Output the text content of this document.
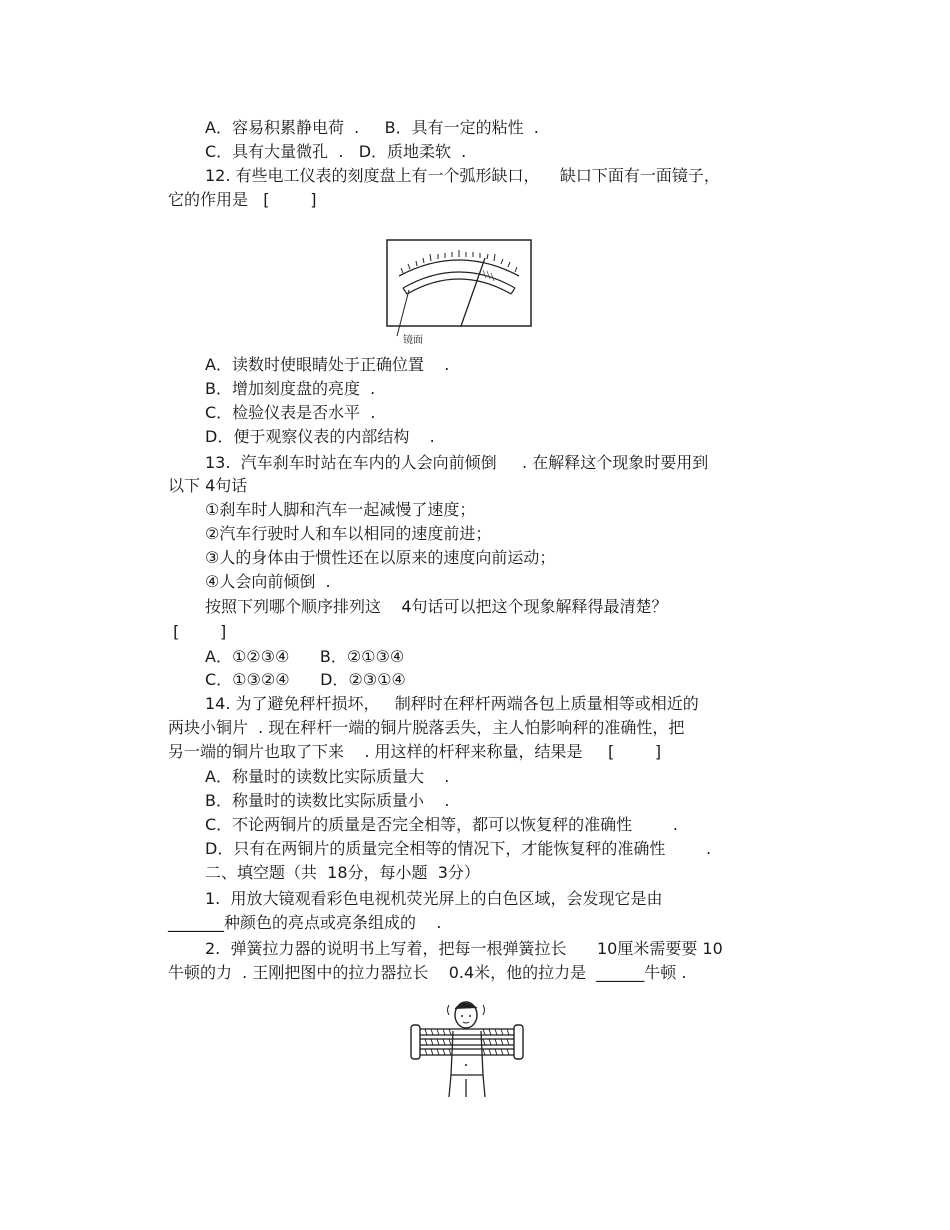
A．容易积累静电荷  .     B．具有一定的粘性  .
C．具有大量微孔  .   D．质地柔软  .
12. 有些电工仪表的刻度盘上有一个弧形缺口，    缺口下面有一面镜子，
它的作用是   [        ]
镜面
A．读数时使眼睛处于正确位置    .
B．增加刻度盘的亮度  .
C．检验仪表是否水平  .
D．便于观察仪表的内部结构    .
13.  汽车刹车时站在车内的人会向前倾倒     . 在解释这个现象时要用到
以下 4句话
①刹车时人脚和汽车一起减慢了速度；
②汽车行驶时人和车以相同的速度前进；
③人的身体由于惯性还在以原来的速度向前运动；
④人会向前倾倒  .
按照下列哪个顺序排列这    4句话可以把这个现象解释得最清楚？
[        ]
A．①②③④      B．②①③④
C．①③②④      D．②③①④
14. 为了避免秤杆损坏，   制秤时在秤杆两端各包上质量相等或相近的
两块小铜片  . 现在秤杆一端的铜片脱落丢失，主人怕影响秤的准确性，把
另一端的铜片也取了下来    . 用这样的杆秤来称量，结果是     [        ]
A．称量时的读数比实际质量大    .
B．称量时的读数比实际质量小    .
C．不论两铜片的质量是否完全相等，都可以恢复秤的准确性        .
D．只有在两铜片的质量完全相等的情况下，才能恢复秤的准确性        .
二、填空题（共  18分，每小题  3分）
1.  用放大镜观看彩色电视机荧光屏上的白色区域，会发现它是由
_______种颜色的亮点或亮条组成的    .
2.  弹簧拉力器的说明书上写着，把每一根弹簧拉长      10厘米需要要 10
牛顿的力  . 王刚把图中的拉力器拉长    0.4米，他的拉力是  ______牛顿 .
